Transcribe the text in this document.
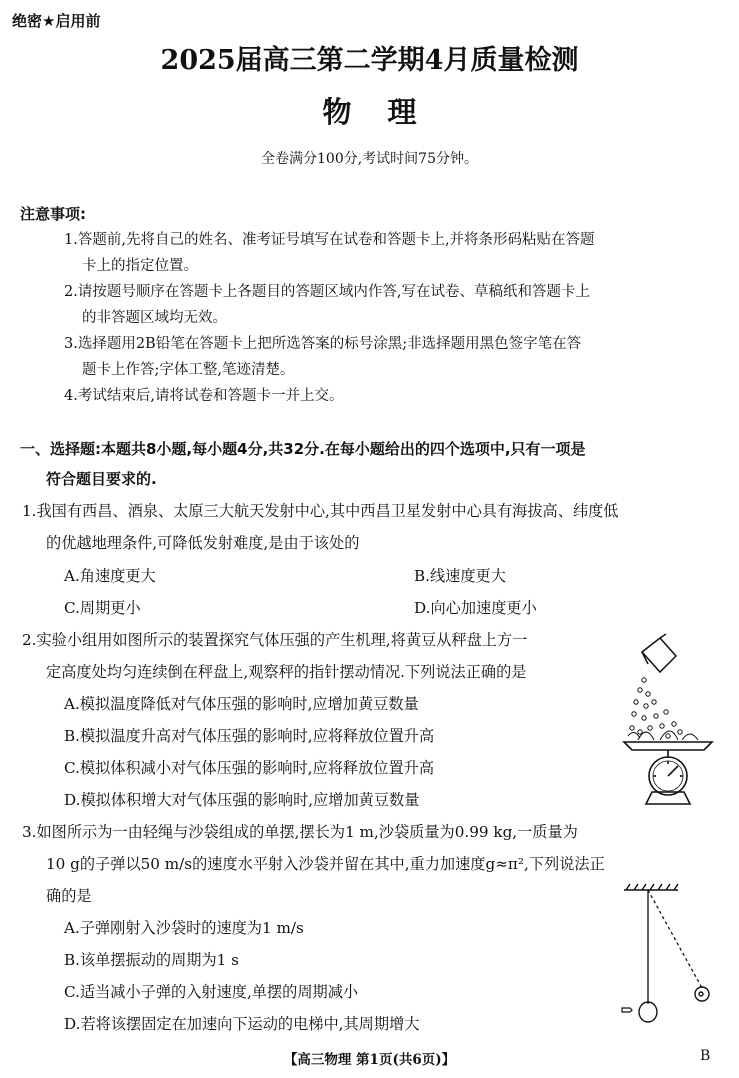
绝密★启用前
2025届高三第二学期4月质量检测
物理
全卷满分100分,考试时间75分钟。
注意事项:
1.答题前,先将自己的姓名、准考证号填写在试卷和答题卡上,并将条形码粘贴在答题
卡上的指定位置。
2.请按题号顺序在答题卡上各题目的答题区域内作答,写在试卷、草稿纸和答题卡上
的非答题区域均无效。
3.选择题用2B铅笔在答题卡上把所选答案的标号涂黑;非选择题用黑色签字笔在答
题卡上作答;字体工整,笔迹清楚。
4.考试结束后,请将试卷和答题卡一并上交。
一、选择题:本题共8小题,每小题4分,共32分.在每小题给出的四个选项中,只有一项是
符合题目要求的.
1.我国有西昌、酒泉、太原三大航天发射中心,其中西昌卫星发射中心具有海拔高、纬度低
的优越地理条件,可降低发射难度,是由于该处的
A.角速度更大	B.线速度更大
C.周期更小	D.向心加速度更小
2.实验小组用如图所示的装置探究气体压强的产生机理,将黄豆从秤盘上方一
定高度处均匀连续倒在秤盘上,观察秤的指针摆动情况.下列说法正确的是
A.模拟温度降低对气体压强的影响时,应增加黄豆数量
B.模拟温度升高对气体压强的影响时,应将释放位置升高
C.模拟体积减小对气体压强的影响时,应将释放位置升高
D.模拟体积增大对气体压强的影响时,应增加黄豆数量
3.如图所示为一由轻绳与沙袋组成的单摆,摆长为1 m,沙袋质量为0.99 kg,一质量为
10 g的子弹以50 m/s的速度水平射入沙袋并留在其中,重力加速度g≈π²,下列说法正
确的是
A.子弹刚射入沙袋时的速度为1 m/s
B.该单摆振动的周期为1 s
C.适当减小子弹的入射速度,单摆的周期减小
D.若将该摆固定在加速向下运动的电梯中,其周期增大
【高三物理 第1页(共6页)】	B
